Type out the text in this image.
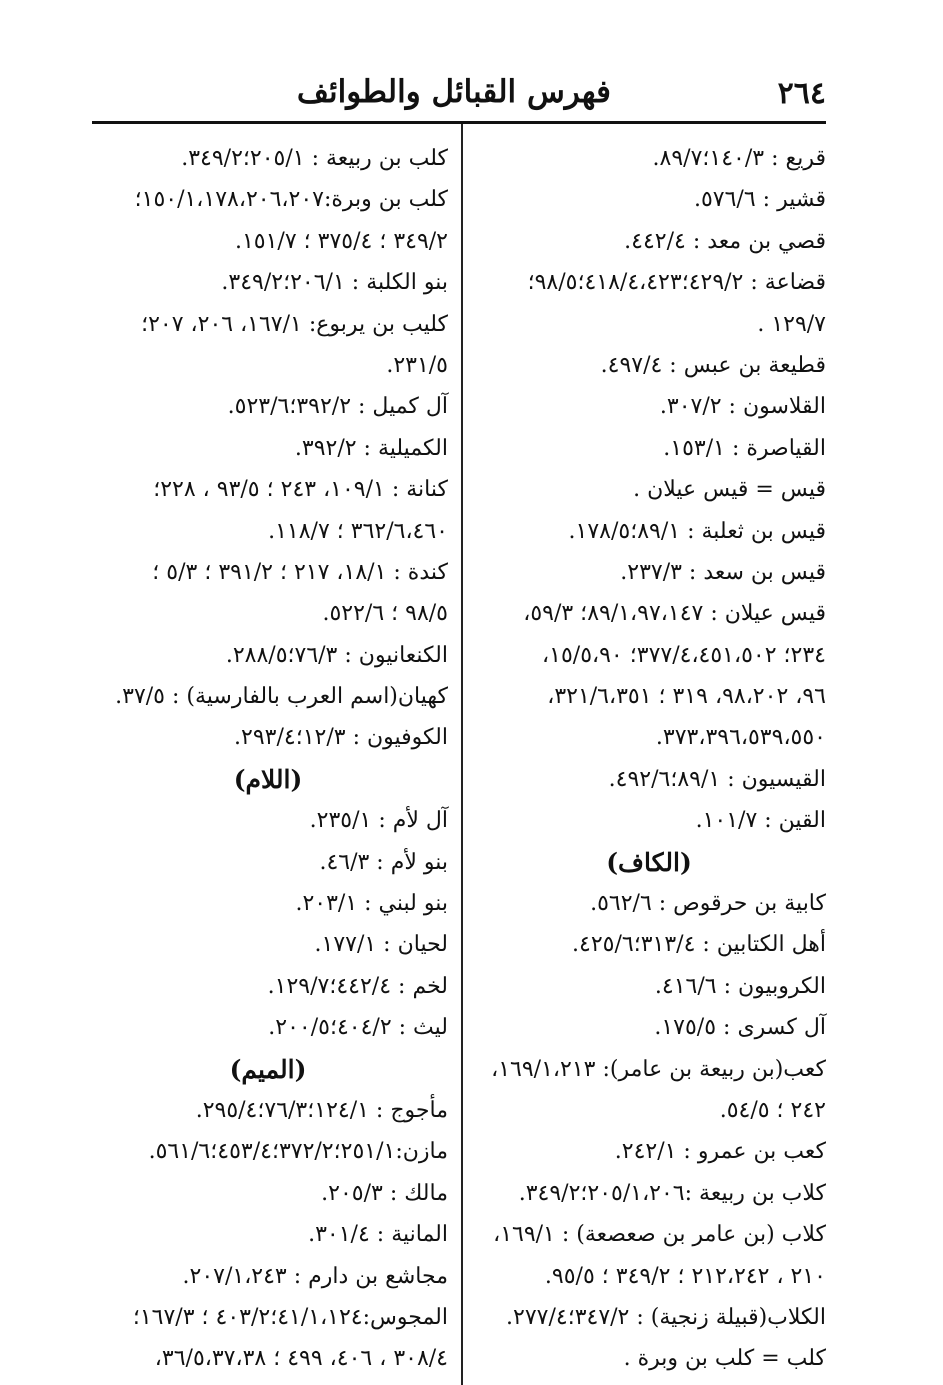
٢٦٤
فهرس القبائل والطوائف
قريع : ١٤٠/٣؛٨٩/٧.
قشير : ٥٧٦/٦.
قصي بن معد : ٤٤٢/٤.
قضاعة : ٤٢٩/٢؛٤١٨/٤،٤٢٣؛٩٨/٥؛
١٢٩/٧ .
قطيعة بن عبس : ٤٩٧/٤.
القلاسون : ٣٠٧/٢.
القياصرة : ١٥٣/١.
قيس = قيس عيلان .
قيس بن ثعلبة : ٨٩/١؛١٧٨/٥.
قيس بن سعد : ٢٣٧/٣.
قيس عيلان : ٨٩/١،٩٧،١٤٧؛ ٥٩/٣،
٢٣٤؛ ٣٧٧/٤،٤٥١،٥٠٢؛ ١٥/٥،٩٠،
٩٦، ٩٨،٢٠٢، ٣١٩ ؛ ٣٢١/٦،٣٥١،
٣٧٣،٣٩٦،٥٣٩،٥٥٠.
القيسيون : ٨٩/١؛٤٩٢/٦.
القين : ١٠١/٧.
(الكاف)
كابية بن حرقوص : ٥٦٢/٦.
أهل الكتابين : ٣١٣/٤؛٤٢٥/٦.
الكروبيون : ٤١٦/٦.
آل كسرى : ١٧٥/٥.
كعب(بن ربيعة بن عامر): ١٦٩/١،٢١٣،
٢٤٢ ؛ ٥٤/٥.
كعب بن عمرو : ٢٤٢/١.
كلاب بن ربيعة :٢٠٥/١،٢٠٦؛٣٤٩/٢.
كلاب (بن عامر بن صعصعة) : ١٦٩/١،
٢١٠ ، ٢١٢،٢٤٢ ؛ ٣٤٩/٢ ؛ ٩٥/٥.
الكلاب(قبيلة زنجية) : ٣٤٧/٢؛٢٧٧/٤.
كلب = كلب بن وبرة .
كلب بن ربيعة : ٢٠٥/١؛٣٤٩/٢.
كلب بن وبرة:١٥٠/١،١٧٨،٢٠٦،٢٠٧؛
٣٤٩/٢ ؛ ٣٧٥/٤ ؛ ١٥١/٧.
بنو الكلبة : ٢٠٦/١؛٣٤٩/٢.
كليب بن يربوع: ١٦٧/١، ٢٠٦، ٢٠٧؛
٢٣١/٥.
آل كميل : ٣٩٢/٢؛٥٢٣/٦.
الكميلية : ٣٩٢/٢.
كنانة : ١٠٩/١، ٢٤٣ ؛ ٩٣/٥ ، ٢٢٨؛
٣٦٢/٦،٤٦٠ ؛ ١١٨/٧.
كندة : ١٨/١، ٢١٧ ؛ ٣٩١/٢ ؛ ٥/٣ ؛
٩٨/٥ ؛ ٥٢٢/٦.
الكنعانيون : ٧٦/٣؛٢٨٨/٥.
كهيان(اسم العرب بالفارسية) : ٣٧/٥.
الكوفيون : ١٢/٣؛٢٩٣/٤.
(اللام)
آل لأم : ٢٣٥/١.
بنو لأم : ٤٦/٣.
بنو لبني : ٢٠٣/١.
لحيان : ١٧٧/١.
لخم : ٤٤٢/٤؛١٢٩/٧.
ليث : ٤٠٤/٢؛٢٠٠/٥.
(الميم)
مأجوج : ١٢٤/١؛٧٦/٣؛٢٩٥/٤.
مازن:٢٥١/١؛٣٧٢/٢؛٤٥٣/٤؛٥٦١/٦.
مالك : ٢٠٥/٣.
المانية : ٣٠١/٤.
مجاشع بن دارم : ٢٠٧/١،٢٤٣.
المجوس:٤١/١،١٢٤؛٤٠٣/٢ ؛ ١٦٧/٣؛
٣٠٨/٤ ، ٤٠٦، ٤٩٩ ؛ ٣٦/٥،٣٧،٣٨،
